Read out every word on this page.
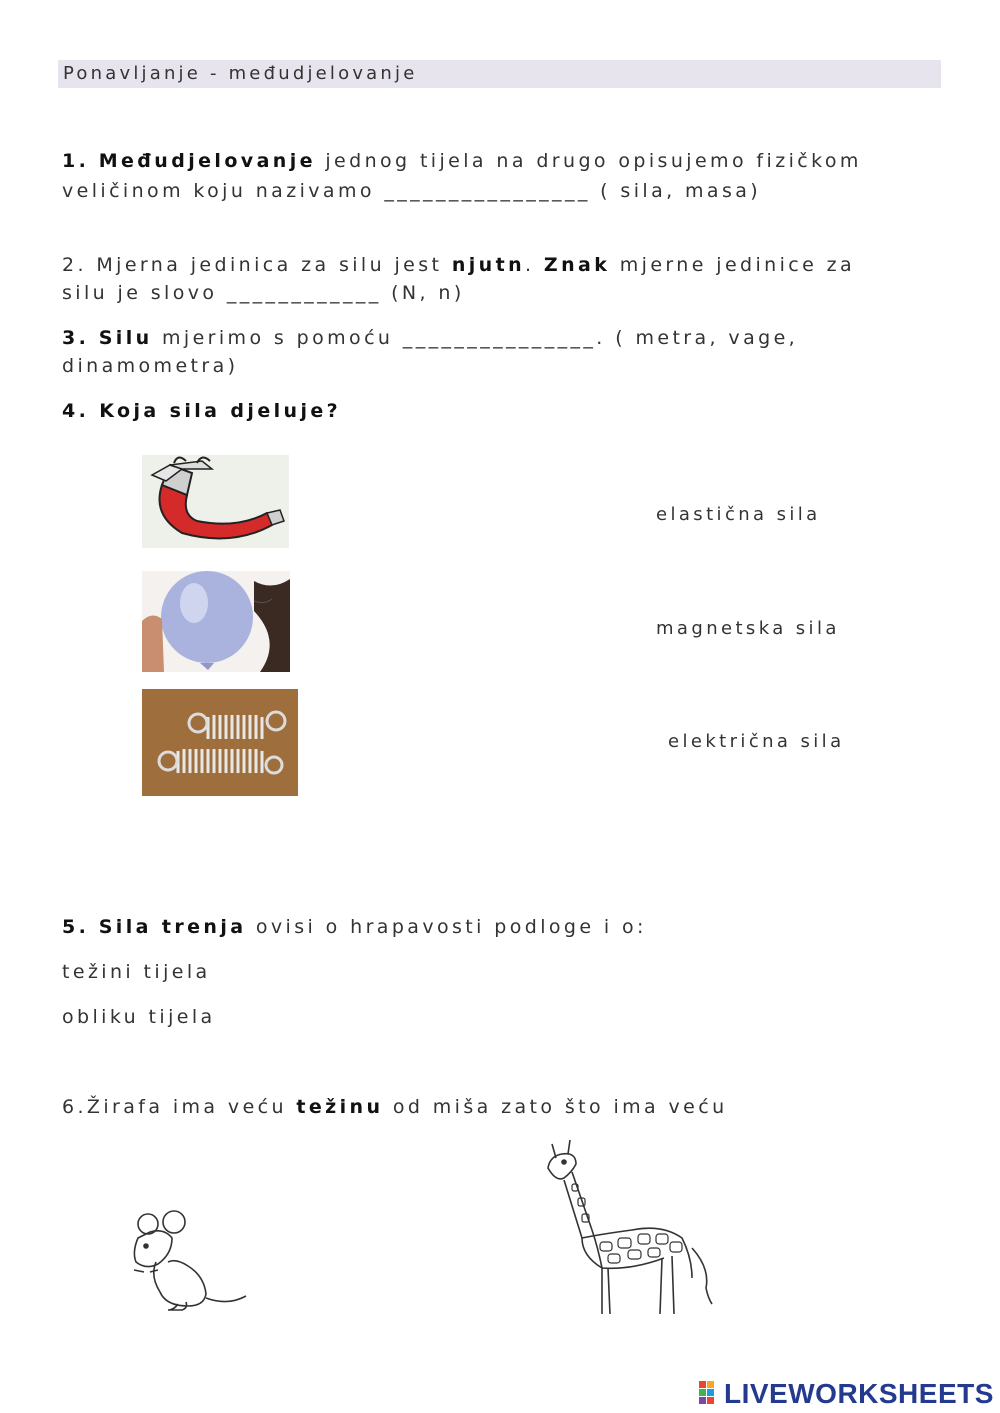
Ponavljanje - međudjelovanje
1. Međudjelovanje jednog tijela na drugo opisujemo fizičkom
veličinom koju nazivamo ________________ ( sila, masa)
2. Mjerna jedinica za silu jest njutn. Znak mjerne jedinice za
silu je slovo ____________ (N, n)
3. Silu mjerimo s pomoću _______________. ( metra, vage,
dinamometra)
4. Koja sila djeluje?
elastična sila
magnetska sila
električna sila
5. Sila trenja ovisi o hrapavosti podloge i o:
težini tijela
obliku tijela
6.Žirafa ima veću težinu od miša zato što ima veću
LIVEWORKSHEETS
